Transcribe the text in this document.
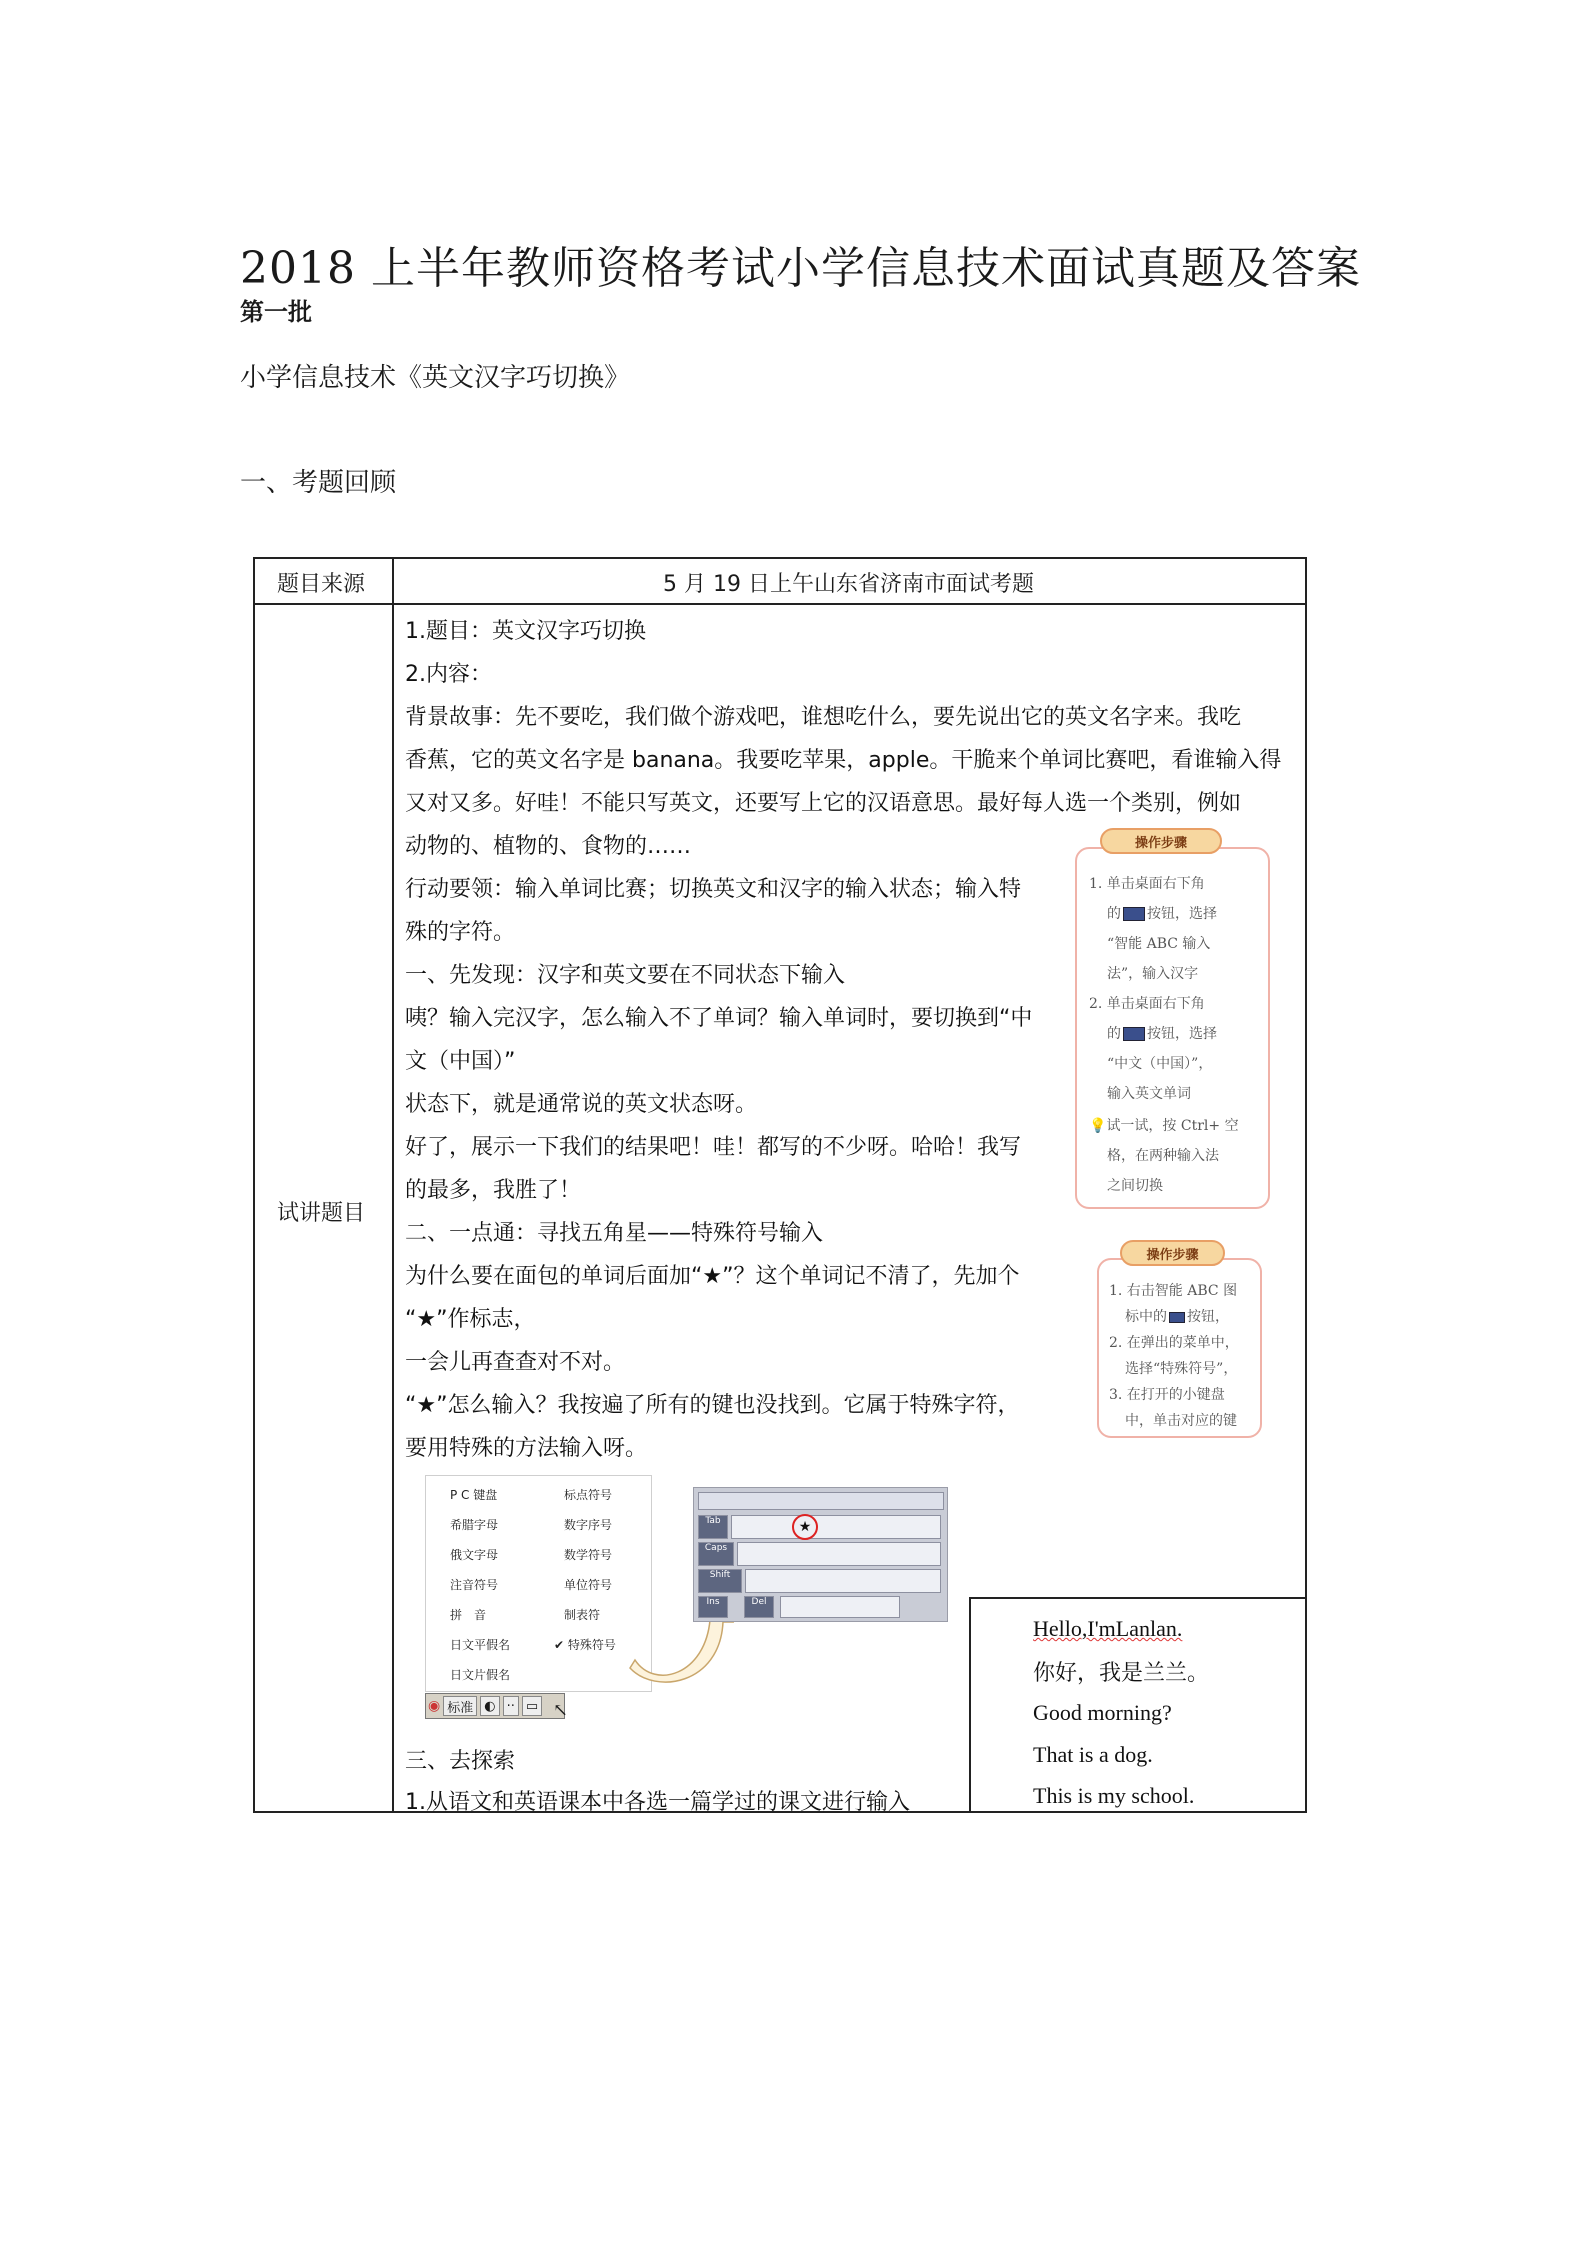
2018 上半年教师资格考试小学信息技术面试真题及答案
第一批
小学信息技术《英文汉字巧切换》
一、考题回顾
题目来源	5 月 19 日上午山东省济南市面试考题
试讲题目
1.题目：英文汉字巧切换
2.内容：
背景故事：先不要吃，我们做个游戏吧，谁想吃什么，要先说出它的英文名字来。我吃
香蕉，它的英文名字是 banana。我要吃苹果，apple。干脆来个单词比赛吧，看谁输入得
又对又多。好哇！不能只写英文，还要写上它的汉语意思。最好每人选一个类别，例如
动物的、植物的、食物的……
行动要领：输入单词比赛；切换英文和汉字的输入状态；输入特
殊的字符。
一、先发现：汉字和英文要在不同状态下输入
咦？输入完汉字，怎么输入不了单词？输入单词时，要切换到“中
文（中国）”
状态下，就是通常说的英文状态呀。
好了，展示一下我们的结果吧！哇！都写的不少呀。哈哈！我写
的最多，我胜了！
二、一点通：寻找五角星——特殊符号输入
为什么要在面包的单词后面加“★”？这个单词记不清了，先加个
“★”作标志，
一会儿再查查对不对。
“★”怎么输入？我按遍了所有的键也没找到。它属于特殊字符，
要用特殊的方法输入呀。
三、去探索
1.从语文和英语课本中各选一篇学过的课文进行输入
1. 单击桌面右下角
的 按钮，选择
“智能 ABC 输入
法”，输入汉字
2. 单击桌面右下角
的 按钮，选择
“中文（中国）”，
输入英文单词
💡试一试，按 Ctrl+ 空
格，在两种输入法
之间切换
操作步骤
1. 右击智能 ABC 图
标中的 按钮，
2. 在弹出的菜单中，
选择“特殊符号”，
3. 在打开的小键盘
中，单击对应的键
操作步骤
P C 键盘
希腊字母
俄文字母
注音符号
拼　音
日文平假名
日文片假名
标点符号
数字序号
数学符号
单位符号
制表符
✔ 特殊符号
◉ 标准 ◐ ·· ▭ ↖
Tab
Caps
Shift
Ins	Del
★
Hello,I'mLanlan.
你好，我是兰兰。
Good morning?
That is a dog.
This is my school.
